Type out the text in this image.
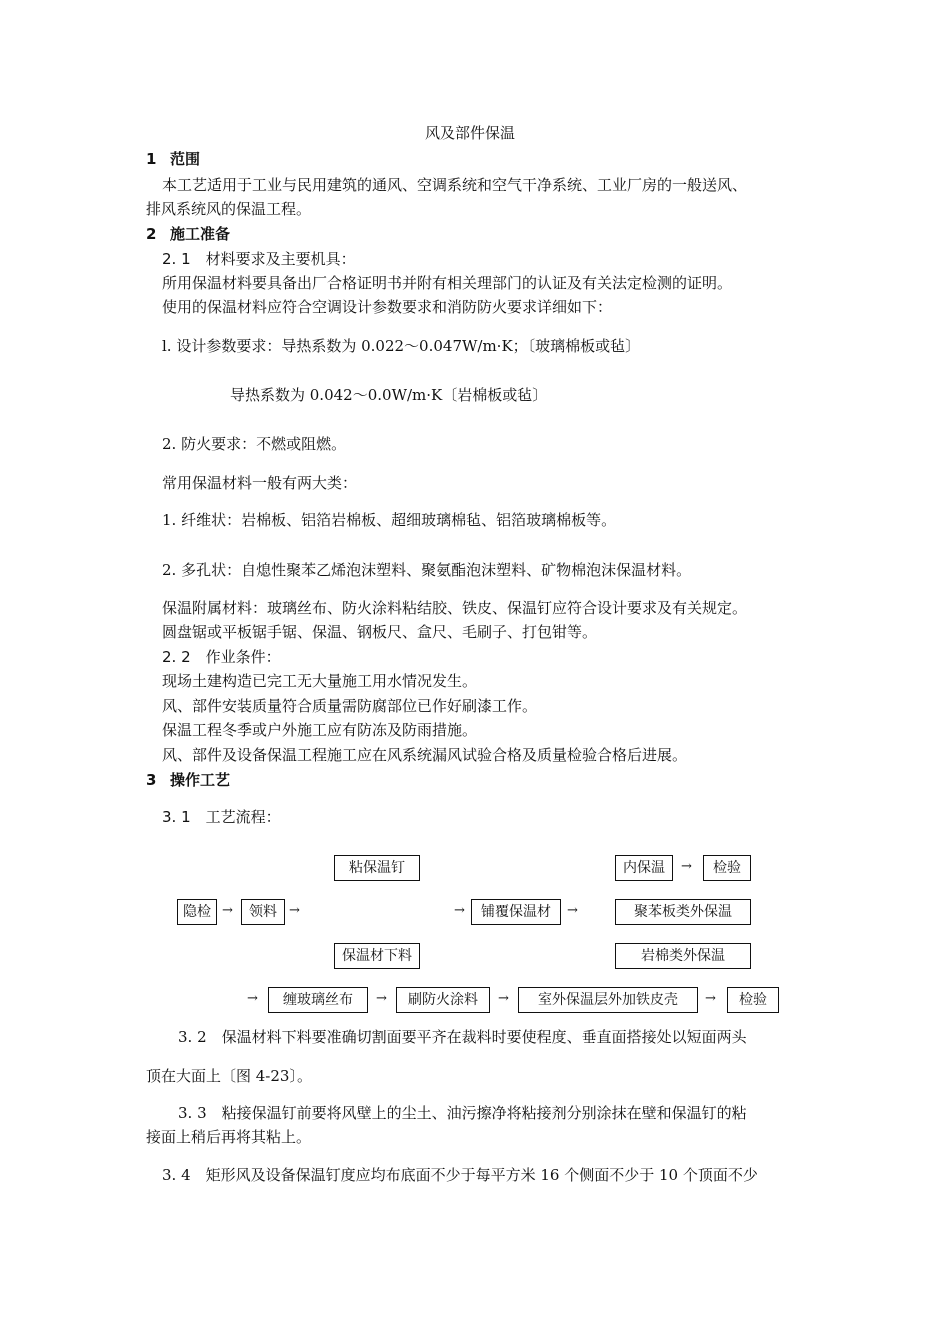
风及部件保温
1 范围
本工艺适用于工业与民用建筑的通风、空调系统和空气干净系统、工业厂房的一般送风、
排风系统风的保温工程。
2 施工准备
2. 1　材料要求及主要机具：
所用保温材料要具备出厂合格证明书并附有相关理部门的认证及有关法定检测的证明。
使用的保温材料应符合空调设计参数要求和消防防火要求详细如下：
l. 设计参数要求：导热系数为 0.022～0.047W/m·K；〔玻璃棉板或毡〕
导热系数为 0.042～0.0W/m·K〔岩棉板或毡〕
2. 防火要求：不燃或阻燃。
常用保温材料一般有两大类：
1. 纤维状：岩棉板、铝箔岩棉板、超细玻璃棉毡、铝箔玻璃棉板等。
2. 多孔状：自熄性聚苯乙烯泡沫塑料、聚氨酯泡沫塑料、矿物棉泡沫保温材料。
保温附属材料：玻璃丝布、防火涂料粘结胶、铁皮、保温钉应符合设计要求及有关规定。
圆盘锯或平板锯手锯、保温、钢板尺、盒尺、毛刷子、打包钳等。
2. 2　作业条件：
现场土建构造已完工无大量施工用水情况发生。
风、部件安装质量符合质量需防腐部位已作好刷漆工作。
保温工程冬季或户外施工应有防冻及防雨措施。
风、部件及设备保温工程施工应在风系统漏风试验合格及质量检验合格后进展。
3 操作工艺
3. 1　工艺流程：
粘保温钉
隐检 →	领料 →
保温材下料
→	铺覆保温材	→
内保温	→	检验
聚苯板类外保温
岩棉类外保温
→	缠玻璃丝布	→	刷防火涂料	→	室外保温层外加铁皮壳	→	检验
3. 2　保温材料下料要准确切割面要平齐在裁料时要使程度、垂直面搭接处以短面两头
顶在大面上〔图 4-23〕。
3. 3　粘接保温钉前要将风壁上的尘土、油污擦净将粘接剂分别涂抹在壁和保温钉的粘
接面上稍后再将其粘上。
3. 4　矩形风及设备保温钉度应均布底面不少于每平方米 16 个侧面不少于 10 个顶面不少
